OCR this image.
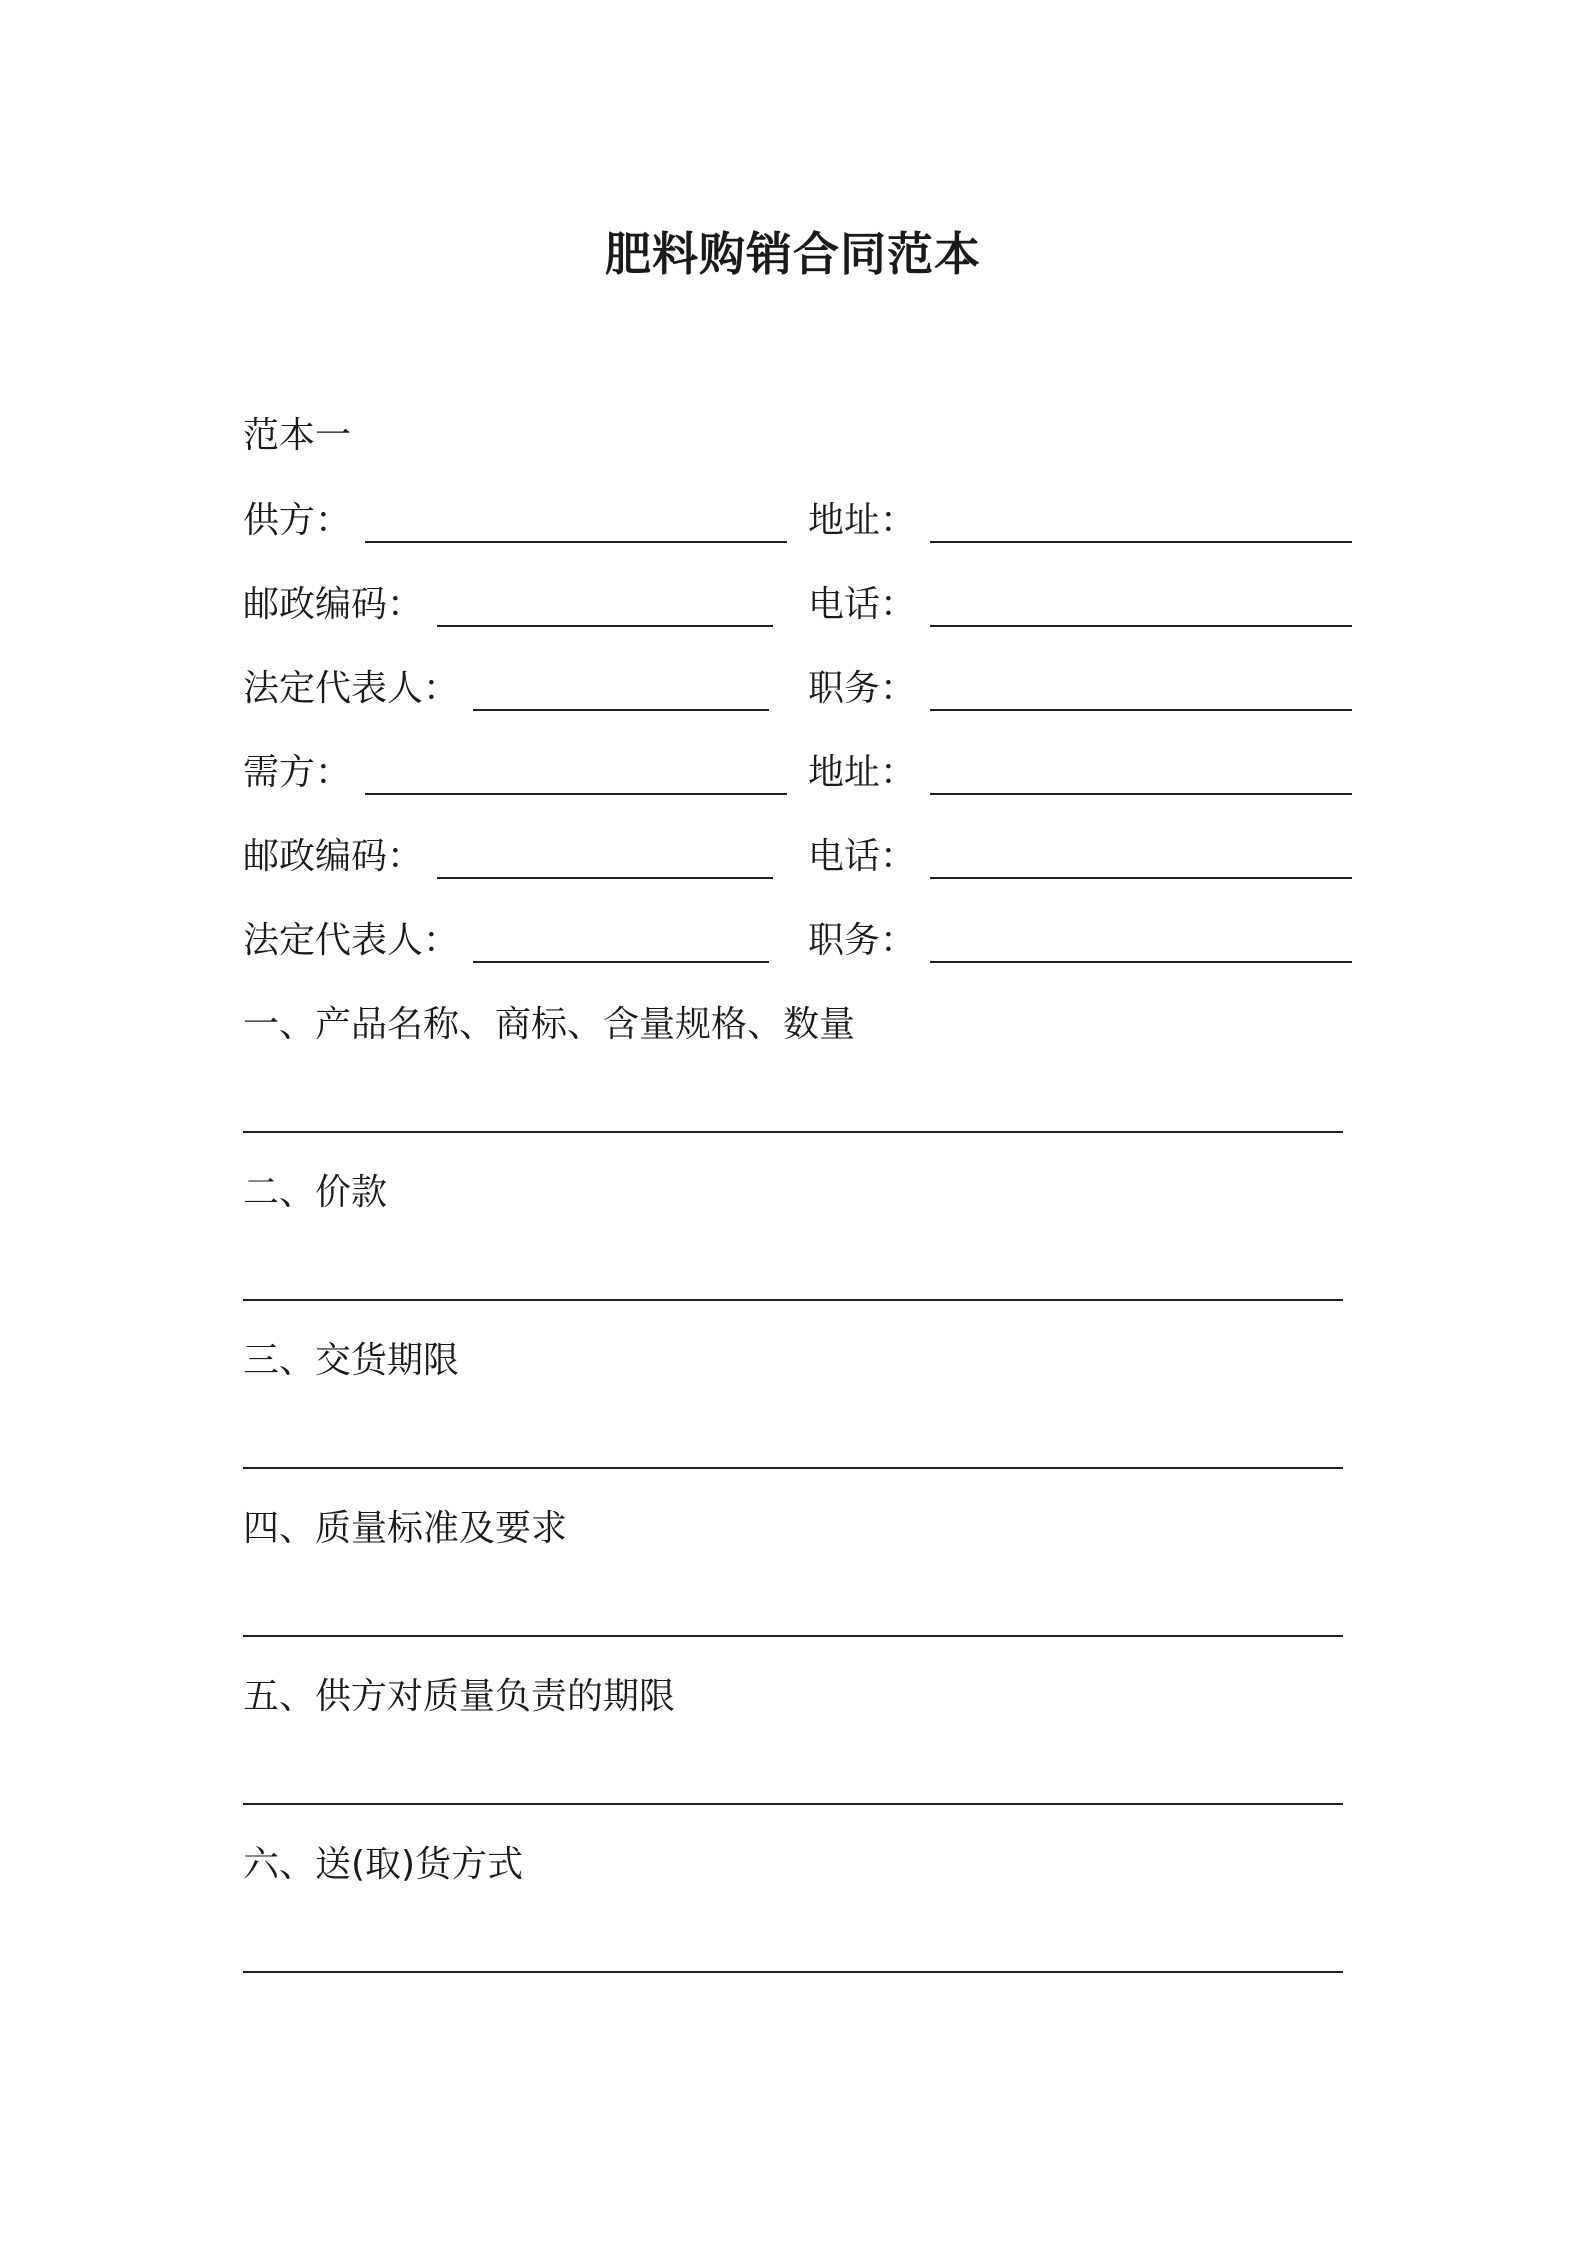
肥料购销合同范本
范本一
供方：	地址：
邮政编码：	电话：
法定代表人：	职务：
需方：	地址：
邮政编码：	电话：
法定代表人：	职务：
一、产品名称、商标、含量规格、数量
二、价款
三、交货期限
四、质量标准及要求
五、供方对质量负责的期限
六、送(取)货方式
